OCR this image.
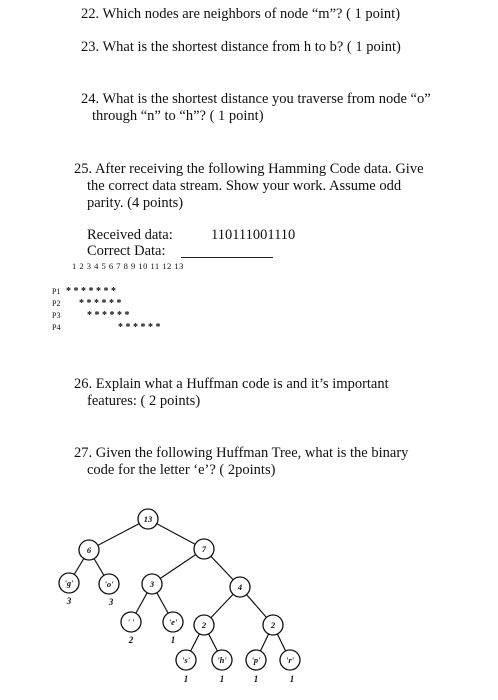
22. Which nodes are neighbors of node “m”? ( 1 point)
23. What is the shortest distance from h to b? ( 1 point)
24. What is the shortest distance you traverse from node “o”
through “n” to “h”? ( 1 point)
25. After receiving the following Hamming Code data. Give
the correct data stream. Show your work. Assume odd
parity. (4 points)
Received data:	110111001110
Correct Data:
1 2 3 4 5 6 7 8 9 10 11 12 13
P1 * * * * * * *
P2 * * * * * *
P3	* * * * * *
P4	* * * * * *
26. Explain what a Huffman code is and it’s important
features: ( 2 points)
27. Given the following Huffman Tree, what is the binary
code for the letter ‘e’? ( 2points)
13
6	7
'g'	'o'	3	4
' '	'e'	2	2
's'	'h'	'p'	'r'
3	3
2	1
1	1	1	1
